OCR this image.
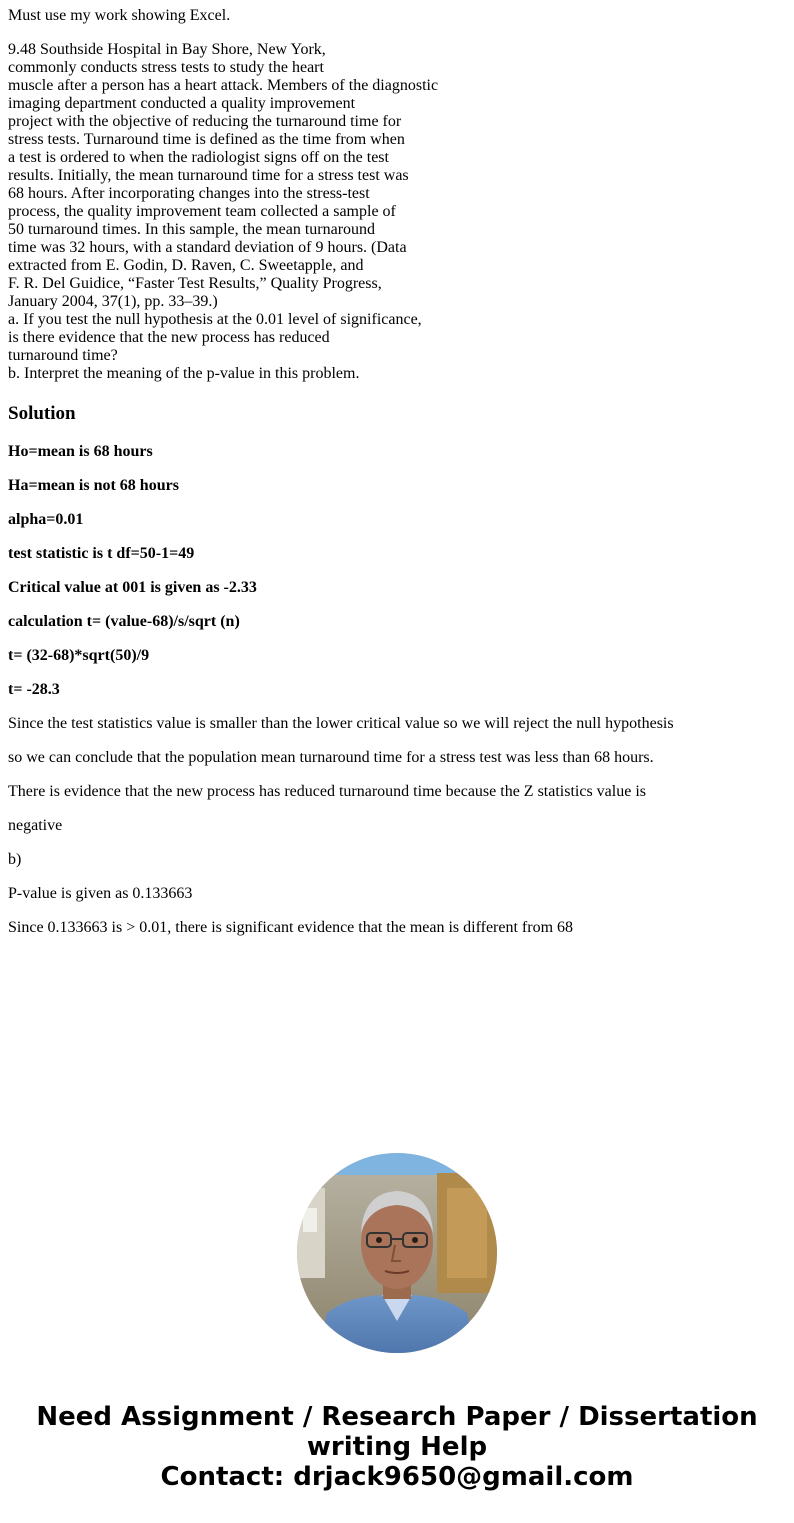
Must use my work showing Excel.
9.48 Southside Hospital in Bay Shore, New York,
commonly conducts stress tests to study the heart
muscle after a person has a heart attack. Members of the diagnostic
imaging department conducted a quality improvement
project with the objective of reducing the turnaround time for
stress tests. Turnaround time is defined as the time from when
a test is ordered to when the radiologist signs off on the test
results. Initially, the mean turnaround time for a stress test was
68 hours. After incorporating changes into the stress-test
process, the quality improvement team collected a sample of
50 turnaround times. In this sample, the mean turnaround
time was 32 hours, with a standard deviation of 9 hours. (Data
extracted from E. Godin, D. Raven, C. Sweetapple, and
F. R. Del Guidice, “Faster Test Results,” Quality Progress,
January 2004, 37(1), pp. 33–39.)
a. If you test the null hypothesis at the 0.01 level of significance,
is there evidence that the new process has reduced
turnaround time?
b. Interpret the meaning of the p-value in this problem.
Solution

Ho=mean is 68 hours

Ha=mean is not 68 hours

alpha=0.01

test statistic is t df=50-1=49

Critical value at 001 is given as -2.33

calculation t= (value-68)/s/sqrt (n)

t= (32-68)*sqrt(50)/9

t= -28.3

Since the test statistics value is smaller than the lower critical value so we will reject the null hypothesis

so we can conclude that the population mean turnaround time for a stress test was less than 68 hours.

There is evidence that the new process has reduced turnaround time because the Z statistics value is

negative

b)

P-value is given as 0.133663

Since 0.133663 is > 0.01, there is significant evidence that the mean is different from 68

Need Assignment / Research Paper / Dissertation
writing Help
Contact: drjack9650@gmail.com
